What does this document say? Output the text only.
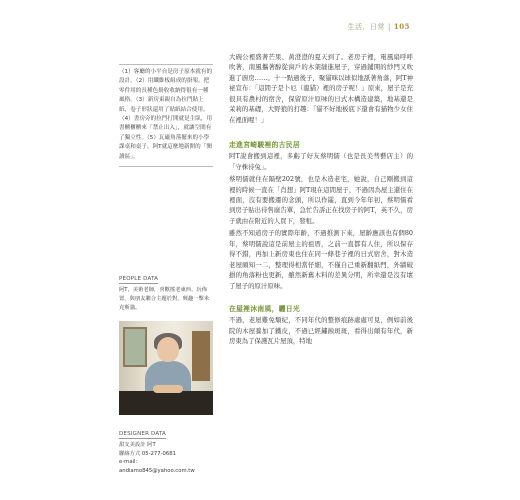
生活．日常 | 105

（1）客廳的小平台是房子原本就有的設計。（2）用纖維板組成的掛架，把零件用的長種色掛收收納得很有一種風格。（3）新房東親自為拉門貼上紙，卷子形狀還用了貼紙結合使用。（4）書房旁的拉門打開就是主臥，用書櫃櫃櫃來「禁止出入」，就讓空間有了獨立性。（5）瓦磁角落擺來的小學課桌和桌子，阿T就這麼地新開的「閱讀區」。

PEOPLE DATA
阿T，美術老師，喜歡搖老東西、玩佈置，與朋友聯合主題於對，興趣一擊米克斯貓。
DESIGNER DATA
甜支美設計 阿T
聯絡方式 05-277-0681
e-mail: andiamo845@yahoo.com.tw

大碗公裡盛著芒果、黃澄澄的夏天到了。老房子裡，電風扇呼呼吹著，南風攜著醇從窗戶的木架縫進屋子，穿過鋪開的紗門又吹進了廚房……。十一點過後子，聚貓咪以球似地舐著角落，阿T神祕宣布：「這間子是卜厄（龍貓）裡的房子呢！」原來，屋子是充很具有農村的宿舍，保留原汁原味的日式木構造建築，地基還是茉莉的基礎，大野狼的打趣：「貓不好地板底下還會有猫物少女住在裡面喔！」

走進宮崎駿裡的古民居

阿T說會搬到這裡，多虧了好友蔡明儒（也是長美彗藝店主）的「守株待兔」。

蔡明儒就住在隔壁202號，也是木造老宅，她說，自己剛搬到這裡的時候一直在「肖想」阿T現在這間屋子，不過因為屋主還住在裡面，沒有要搬遷的念頭，所以作罷，直到今年年初，蔡明儒看到房子貼出待售廣告單，急忙告訴正在找房子的阿T，英不久，房子就由在附近的人買下，發租。

雖然不知道房子的實際年齡，不過推測下來，屋齡應該也有個80年，蔡明儒說這是前屋主的祖厝，之前一直都有人住，所以保存得不錯，再加上新房東也住在同一條巷子裡的日式宿舍，對木造老屋頗知一二，整理得相當仔細，不僅自己重新翻紙門，外牆破損的角落粉也更新，雖然新舊木料的差異分明，所幸還是沒有壞了屋子的原汁原味。

在屋裡沐南風，曬日光

不過，老屋難免頹紀，不同年代的整修痕跡處處可見，例如前後院的木屋養加了鐵皮，不過已經鏽蝕斑斑，看得出頗有年代，新房東為了保護瓦片屋頂，特地
